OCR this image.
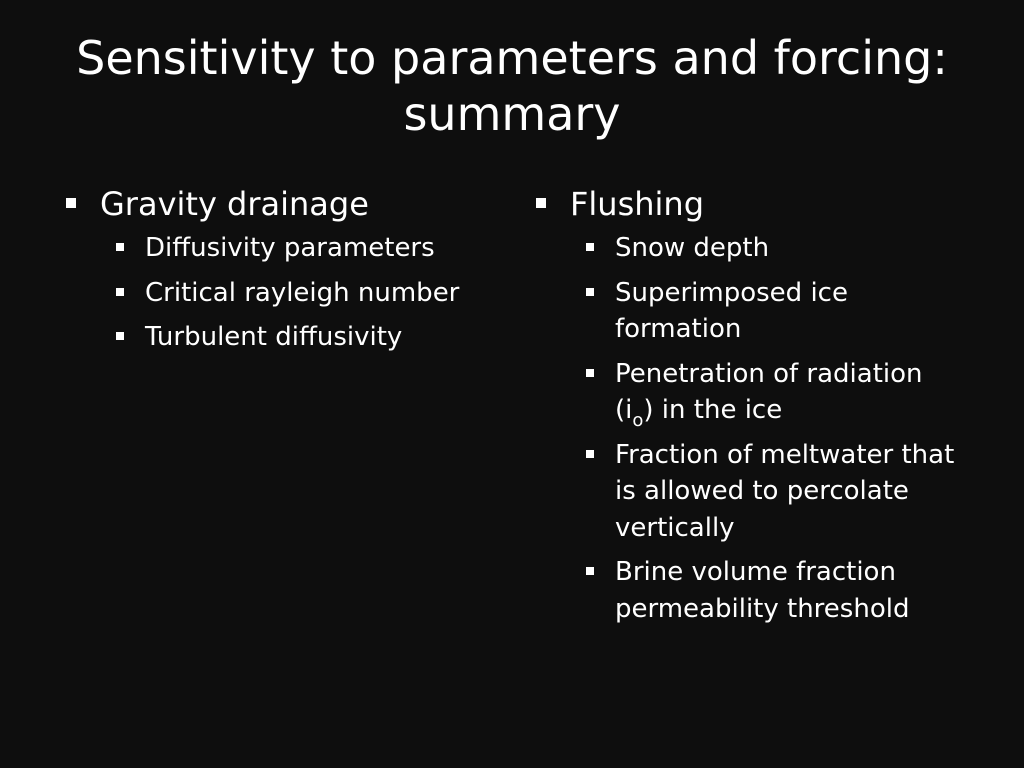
Sensitivity to parameters and forcing: summary
Gravity drainage
Diffusivity parameters
Critical rayleigh number
Turbulent diffusivity
Flushing
Snow depth
Superimposed ice formation
Penetration of radiation $(i_o)$ in the ice
Fraction of meltwater that is allowed to percolate vertically
Brine volume fraction permeability threshold
